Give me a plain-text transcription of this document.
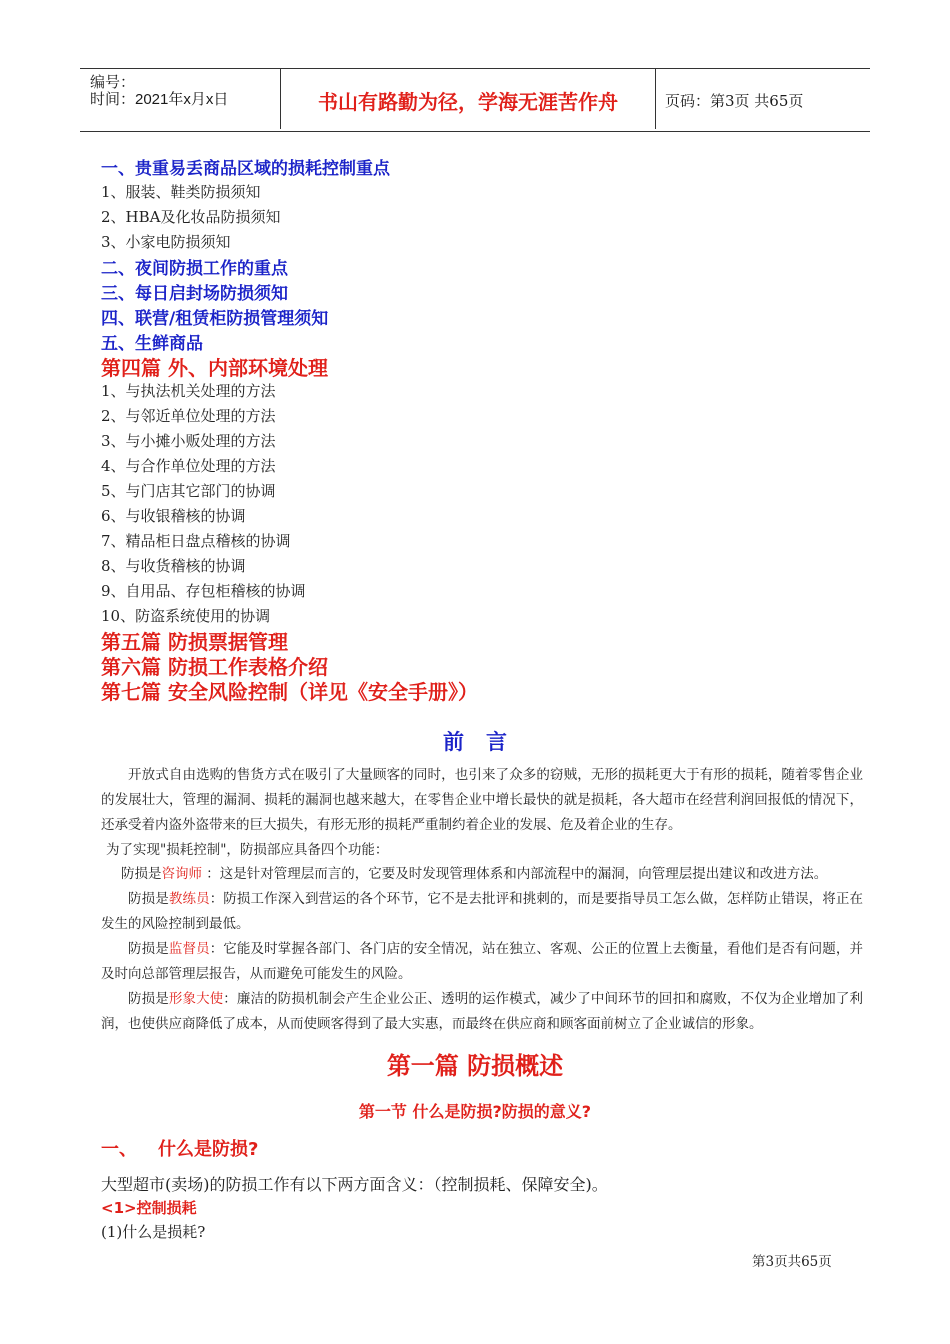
编号：
时间：2021年x月x日	书山有路勤为径，学海无涯苦作舟	页码：第3页 共65页
一、贵重易丢商品区域的损耗控制重点
1、服装、鞋类防损须知
2、HBA及化妆品防损须知
3、小家电防损须知
二、夜间防损工作的重点
三、每日启封场防损须知
四、联营/租赁柜防损管理须知
五、生鲜商品
第四篇 外、内部环境处理
1、与执法机关处理的方法
2、与邻近单位处理的方法
3、与小摊小贩处理的方法
4、与合作单位处理的方法
5、与门店其它部门的协调
6、与收银稽核的协调
7、精品柜日盘点稽核的协调
8、与收货稽核的协调
9、自用品、存包柜稽核的协调
10、防盗系统使用的协调
第五篇 防损票据管理
第六篇 防损工作表格介绍
第七篇 安全风险控制（详见《安全手册》）
前 言
开放式自由选购的售货方式在吸引了大量顾客的同时，也引来了众多的窃贼，无形的损耗更大于有形的损耗，随着零售企业的发展壮大，管理的漏洞、损耗的漏洞也越来越大，在零售企业中增长最快的就是损耗，各大超市在经营利润回报低的情况下，还承受着内盗外盗带来的巨大损失，有形无形的损耗严重制约着企业的发展、危及着企业的生存。
为了实现"损耗控制"，防损部应具备四个功能：
防损是咨询师 ：这是针对管理层而言的，它要及时发现管理体系和内部流程中的漏洞，向管理层提出建议和改进方法。
防损是教练员：防损工作深入到营运的各个环节，它不是去批评和挑刺的，而是要指导员工怎么做，怎样防止错误，将正在发生的风险控制到最低。
防损是监督员：它能及时掌握各部门、各门店的安全情况，站在独立、客观、公正的位置上去衡量，看他们是否有问题，并及时向总部管理层报告，从而避免可能发生的风险。
防损是形象大使：廉洁的防损机制会产生企业公正、透明的运作模式，减少了中间环节的回扣和腐败，不仅为企业增加了利润，也使供应商降低了成本，从而使顾客得到了最大实惠，而最终在供应商和顾客面前树立了企业诚信的形象。
第一篇 防损概述
第一节 什么是防损?防损的意义?
一、 什么是防损?
大型超市(卖场)的防损工作有以下两方面含义：（控制损耗、保障安全)。
<1>控制损耗
(1)什么是损耗?
第3页共65页
